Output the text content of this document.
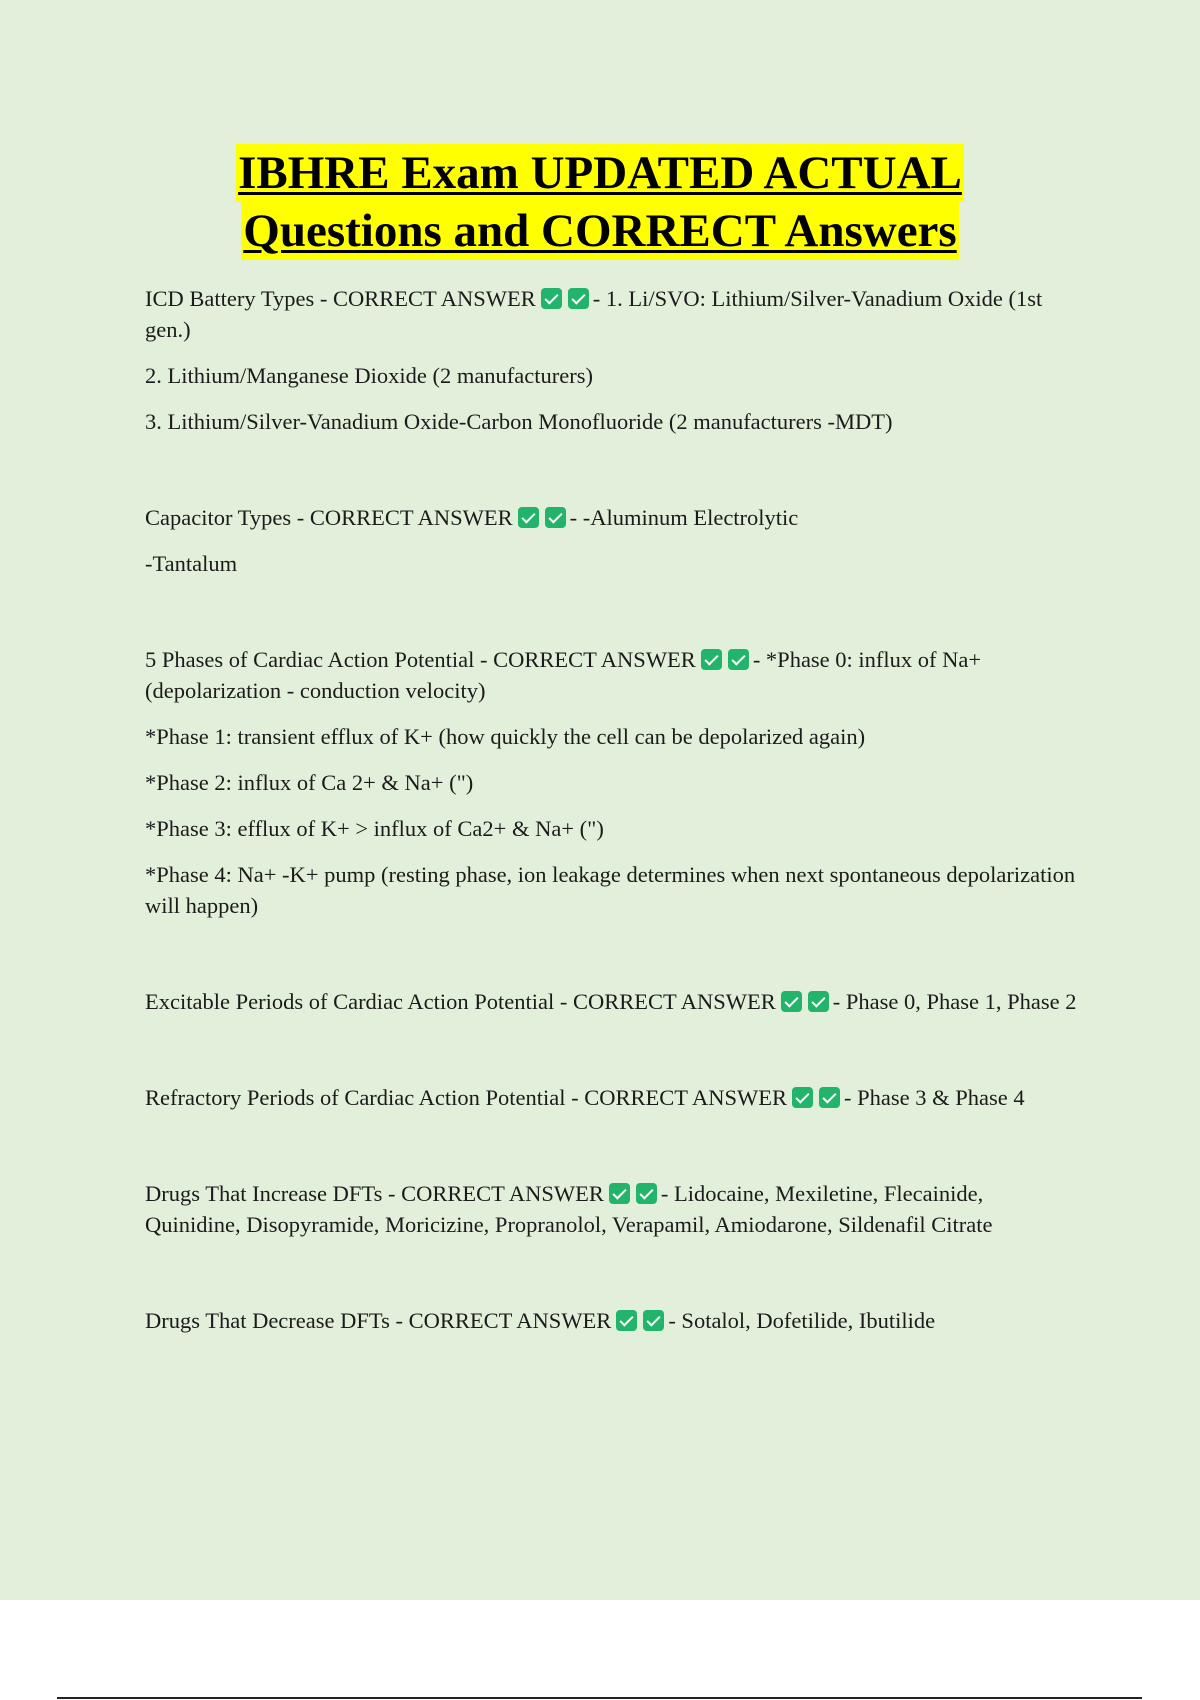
IBHRE Exam UPDATED ACTUAL
Questions and CORRECT Answers

ICD Battery Types - CORRECT ANSWER	- 1. Li/SVO: Lithium/Silver-Vanadium Oxide (1st gen.)

2. Lithium/Manganese Dioxide (2 manufacturers)

3. Lithium/Silver-Vanadium Oxide-Carbon Monofluoride (2 manufacturers -MDT)

Capacitor Types - CORRECT ANSWER	- -Aluminum Electrolytic

-Tantalum

5 Phases of Cardiac Action Potential - CORRECT ANSWER	- *Phase 0: influx of Na+ (depolarization - conduction velocity)

*Phase 1: transient efflux of K+ (how quickly the cell can be depolarized again)

*Phase 2: influx of Ca 2+ & Na+ (")

*Phase 3: efflux of K+ > influx of Ca2+ & Na+ (")

*Phase 4: Na+ -K+ pump (resting phase, ion leakage determines when next spontaneous depolarization will happen)

Excitable Periods of Cardiac Action Potential - CORRECT ANSWER	- Phase 0, Phase 1, Phase 2

Refractory Periods of Cardiac Action Potential - CORRECT ANSWER	- Phase 3 & Phase 4

Drugs That Increase DFTs - CORRECT ANSWER	- Lidocaine, Mexiletine, Flecainide, Quinidine, Disopyramide, Moricizine, Propranolol, Verapamil, Amiodarone, Sildenafil Citrate

Drugs That Decrease DFTs - CORRECT ANSWER	- Sotalol, Dofetilide, Ibutilide
